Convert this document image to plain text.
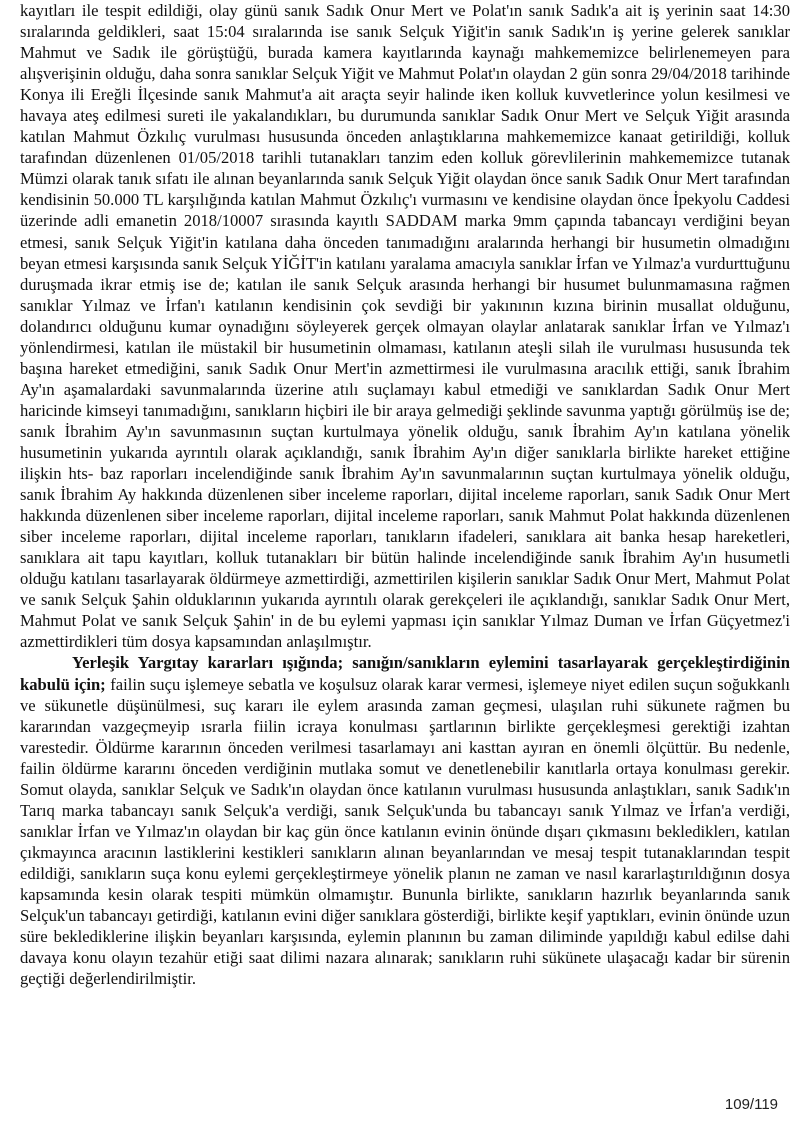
kayıtları ile tespit edildiği, olay günü sanık Sadık Onur Mert ve Polat'ın sanık Sadık'a ait iş yerinin saat 14:30 sıralarında geldikleri, saat 15:04 sıralarında ise sanık Selçuk Yiğit'in sanık Sadık'ın iş yerine gelerek sanıklar Mahmut ve Sadık ile görüştüğü, burada kamera kayıtlarında kaynağı mahkememizce belirlenemeyen para alışverişinin olduğu, daha sonra sanıklar Selçuk Yiğit ve Mahmut Polat'ın olaydan 2 gün sonra 29/04/2018 tarihinde Konya ili Ereğli İlçesinde sanık Mahmut'a ait araçta seyir halinde iken kolluk kuvvetlerince yolun kesilmesi ve havaya ateş edilmesi sureti ile yakalandıkları, bu durumunda sanıklar Sadık Onur Mert ve Selçuk Yiğit arasında katılan Mahmut Özkılıç vurulması hususunda önceden anlaştıklarına mahkememizce kanaat getirildiği, kolluk tarafından düzenlenen 01/05/2018 tarihli tutanakları tanzim eden kolluk görevlilerinin mahkememizce tutanak Mümzi olarak tanık sıfatı ile alınan beyanlarında sanık Selçuk Yiğit olaydan önce sanık Sadık Onur Mert tarafından kendisinin 50.000 TL karşılığında katılan Mahmut Özkılıç'ı vurmasını ve kendisine olaydan önce İpekyolu Caddesi üzerinde adli emanetin 2018/10007 sırasında kayıtlı SADDAM marka 9mm çapında tabancayı verdiğini beyan etmesi, sanık Selçuk Yiğit'in katılana daha önceden tanımadığını aralarında herhangi bir husumetin olmadığını beyan etmesi karşısında sanık Selçuk YİĞİT'in katılanı yaralama amacıyla sanıklar İrfan ve Yılmaz'a vurdurttuğunu duruşmada ikrar etmiş ise de; katılan ile sanık Selçuk arasında herhangi bir husumet bulunmamasına rağmen sanıklar Yılmaz ve İrfan'ı katılanın kendisinin çok sevdiği bir yakınının kızına birinin musallat olduğunu, dolandırıcı olduğunu kumar oynadığını söyleyerek gerçek olmayan olaylar anlatarak sanıklar İrfan ve Yılmaz'ı yönlendirmesi, katılan ile müstakil bir husumetinin olmaması, katılanın ateşli silah ile vurulması hususunda tek başına hareket etmediğini, sanık Sadık Onur Mert'in azmettirmesi ile vurulmasına aracılık ettiği, sanık İbrahim Ay'ın aşamalardaki savunmalarında üzerine atılı suçlamayı kabul etmediği ve sanıklardan Sadık Onur Mert haricinde kimseyi tanımadığını, sanıkların hiçbiri ile bir araya gelmediği şeklinde savunma yaptığı görülmüş ise de; sanık İbrahim Ay'ın savunmasının suçtan kurtulmaya yönelik olduğu, sanık İbrahim Ay'ın katılana yönelik husumetinin yukarıda ayrıntılı olarak açıklandığı, sanık İbrahim Ay'ın diğer sanıklarla birlikte hareket ettiğine ilişkin hts- baz raporları incelendiğinde sanık İbrahim Ay'ın savunmalarının suçtan kurtulmaya yönelik olduğu, sanık İbrahim Ay hakkında düzenlenen siber inceleme raporları, dijital inceleme raporları, sanık Sadık Onur Mert hakkında düzenlenen siber inceleme raporları, dijital inceleme raporları, sanık Mahmut Polat hakkında düzenlenen siber inceleme raporları, dijital inceleme raporları, tanıkların ifadeleri, sanıklara ait banka hesap hareketleri, sanıklara ait tapu kayıtları, kolluk tutanakları bir bütün halinde incelendiğinde sanık İbrahim Ay'ın husumetli olduğu katılanı tasarlayarak öldürmeye azmettirdiği, azmettirilen kişilerin sanıklar Sadık Onur Mert, Mahmut Polat ve sanık Selçuk Şahin olduklarının yukarıda ayrıntılı olarak gerekçeleri ile açıklandığı, sanıklar Sadık Onur Mert, Mahmut Polat ve sanık Selçuk Şahin' in de bu eylemi yapması için sanıklar Yılmaz Duman ve İrfan Güçyetmez'i azmettirdikleri tüm dosya kapsamından anlaşılmıştır.

Yerleşik Yargıtay kararları ışığında; sanığın/sanıkların eylemini tasarlayarak gerçekleştirdiğinin kabulü için; failin suçu işlemeye sebatla ve koşulsuz olarak karar vermesi, işlemeye niyet edilen suçun soğukkanlı ve sükunetle düşünülmesi, suç kararı ile eylem arasında zaman geçmesi, ulaşılan ruhi sükunete rağmen bu kararından vazgeçmeyip ısrarla fiilin icraya konulması şartlarının birlikte gerçekleşmesi gerektiği izahtan varestedir. Öldürme kararının önceden verilmesi tasarlamayı ani kasttan ayıran en önemli ölçüttür. Bu nedenle, failin öldürme kararını önceden verdiğinin mutlaka somut ve denetlenebilir kanıtlarla ortaya konulması gerekir. Somut olayda, sanıklar Selçuk ve Sadık'ın olaydan önce katılanın vurulması hususunda anlaştıkları, sanık Sadık'ın Tarıq marka tabancayı sanık Selçuk'a verdiği, sanık Selçuk'unda bu tabancayı sanık Yılmaz ve İrfan'a verdiği, sanıklar İrfan ve Yılmaz'ın olaydan bir kaç gün önce katılanın evinin önünde dışarı çıkmasını beklediklerı, katılan çıkmayınca aracının lastiklerini kestikleri sanıkların alınan beyanlarından ve mesaj tespit tutanaklarından tespit edildiği, sanıkların suça konu eylemi gerçekleştirmeye yönelik planın ne zaman ve nasıl kararlaştırıldığının dosya kapsamında kesin olarak tespiti mümkün olmamıştır. Bununla birlikte, sanıkların hazırlık beyanlarında sanık Selçuk'un tabancayı getirdiği, katılanın evini diğer sanıklara gösterdiği, birlikte keşif yaptıkları, evinin önünde uzun süre beklediklerine ilişkin beyanları karşısında, eylemin planının bu zaman diliminde yapıldığı kabul edilse dahi davaya konu olayın tezahür etiği saat dilimi nazara alınarak; sanıkların ruhi sükünete ulaşacağı kadar bir sürenin geçtiği değerlendirilmiştir.

109/119
